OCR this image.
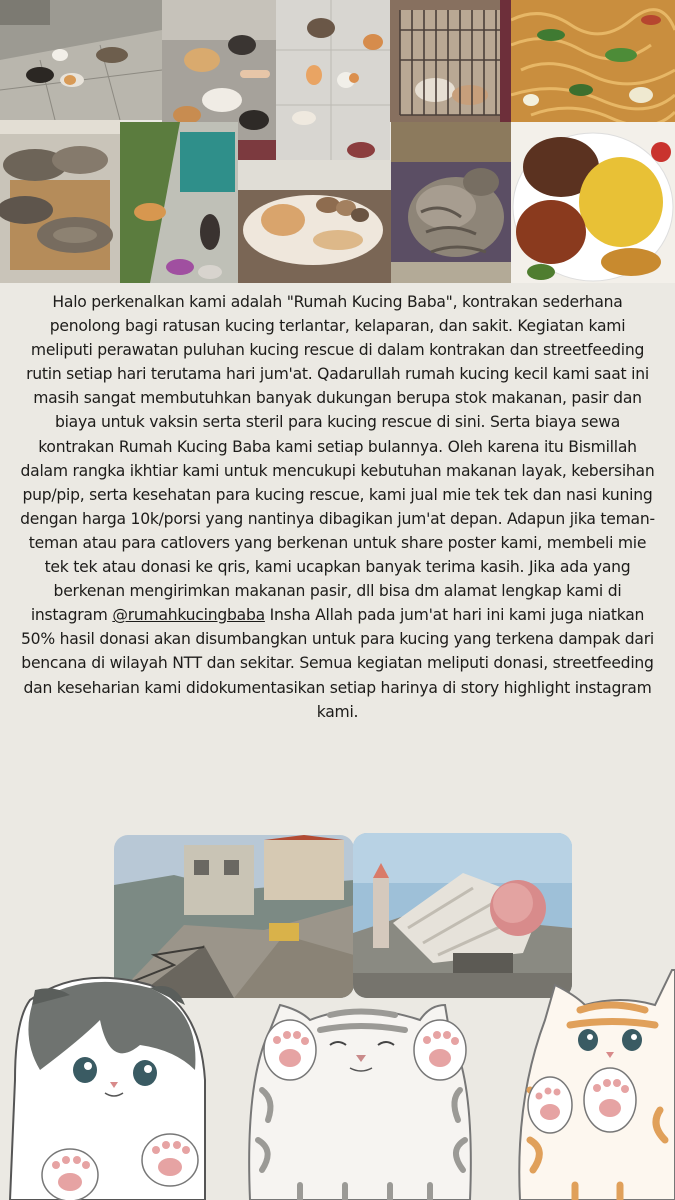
Halo perkenalkan kami adalah "Rumah Kucing Baba", kontrakan sederhana penolong bagi ratusan kucing terlantar, kelaparan, dan sakit. Kegiatan kami meliputi perawatan puluhan kucing rescue di dalam kontrakan dan streetfeeding rutin setiap hari terutama hari jum'at. Qadarullah rumah kucing kecil kami saat ini masih sangat membutuhkan banyak dukungan berupa stok makanan, pasir dan biaya untuk vaksin serta steril para kucing rescue di sini. Serta biaya sewa kontrakan Rumah Kucing Baba kami setiap bulannya. Oleh karena itu Bismillah dalam rangka ikhtiar kami untuk mencukupi kebutuhan makanan layak, kebersihan pup/pip, serta kesehatan para kucing rescue, kami jual mie tek tek dan nasi kuning dengan harga 10k/porsi yang nantinya dibagikan jum'at depan. Adapun jika teman-teman atau para catlovers yang berkenan untuk share poster kami, membeli mie tek tek atau donasi ke qris, kami ucapkan banyak terima kasih. Jika ada yang berkenan mengirimkan makanan pasir, dll bisa dm alamat lengkap kami di instagram @rumahkucingbaba Insha Allah pada jum'at hari ini kami juga niatkan 50% hasil donasi akan disumbangkan untuk para kucing yang terkena dampak dari bencana di wilayah NTT dan sekitar. Semua kegiatan meliputi donasi, streetfeeding dan keseharian kami didokumentasikan setiap harinya di story highlight instagram kami.
